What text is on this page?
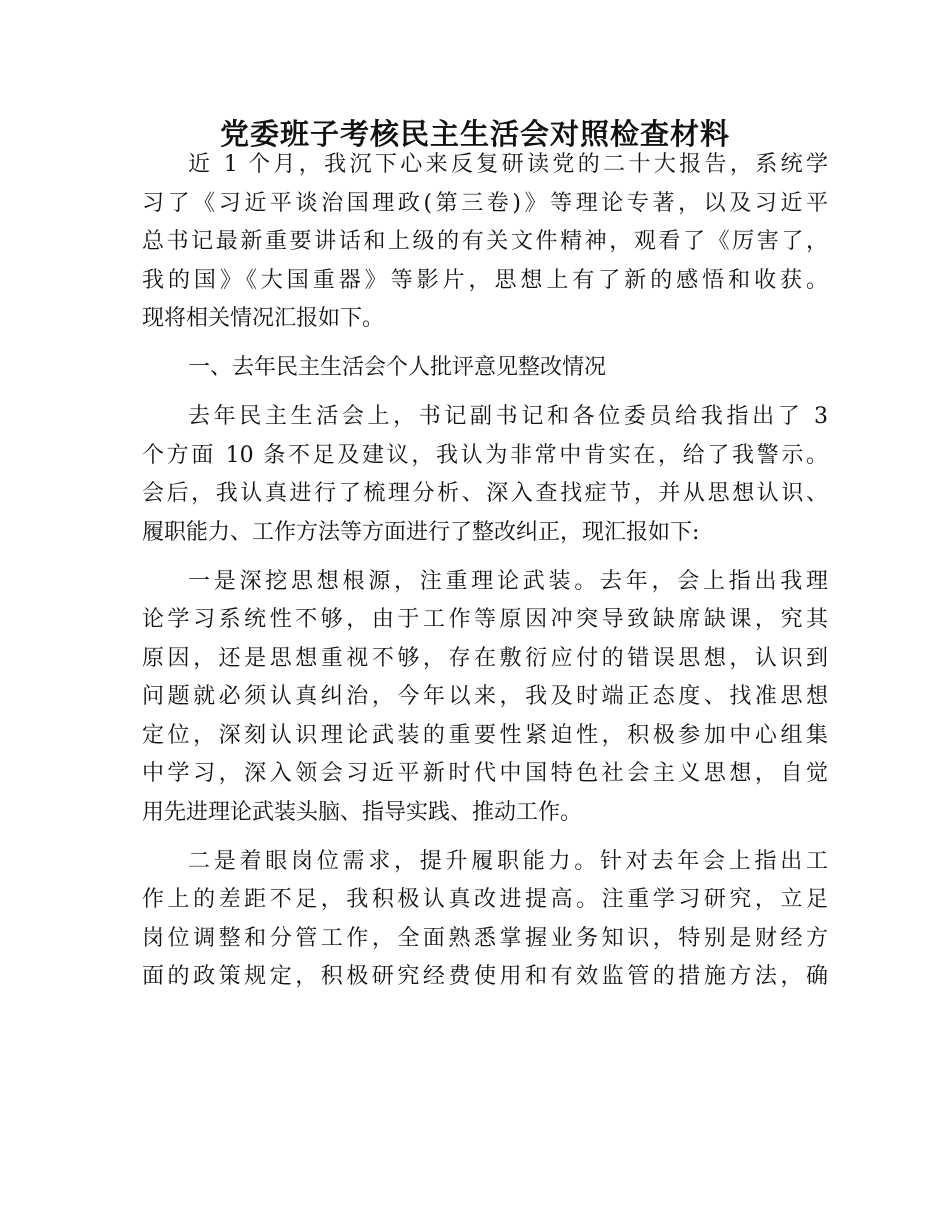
党委班子考核民主生活会对照检查材料
近 1 个月，我沉下心来反复研读党的二十大报告，系统学
习了《习近平谈治国理政(第三卷)》等理论专著，以及习近平
总书记最新重要讲话和上级的有关文件精神，观看了《厉害了，
我的国》《大国重器》等影片，思想上有了新的感悟和收获。
现将相关情况汇报如下。
一、去年民主生活会个人批评意见整改情况
去年民主生活会上，书记副书记和各位委员给我指出了 3
个方面 10 条不足及建议，我认为非常中肯实在，给了我警示。
会后，我认真进行了梳理分析、深入查找症节，并从思想认识、
履职能力、工作方法等方面进行了整改纠正，现汇报如下:
一是深挖思想根源，注重理论武装。去年，会上指出我理
论学习系统性不够，由于工作等原因冲突导致缺席缺课，究其
原因，还是思想重视不够，存在敷衍应付的错误思想，认识到
问题就必须认真纠治，今年以来，我及时端正态度、找准思想
定位，深刻认识理论武装的重要性紧迫性，积极参加中心组集
中学习，深入领会习近平新时代中国特色社会主义思想，自觉
用先进理论武装头脑、指导实践、推动工作。
二是着眼岗位需求，提升履职能力。针对去年会上指出工
作上的差距不足，我积极认真改进提高。注重学习研究，立足
岗位调整和分管工作，全面熟悉掌握业务知识，特别是财经方
面的政策规定，积极研究经费使用和有效监管的措施方法，确
